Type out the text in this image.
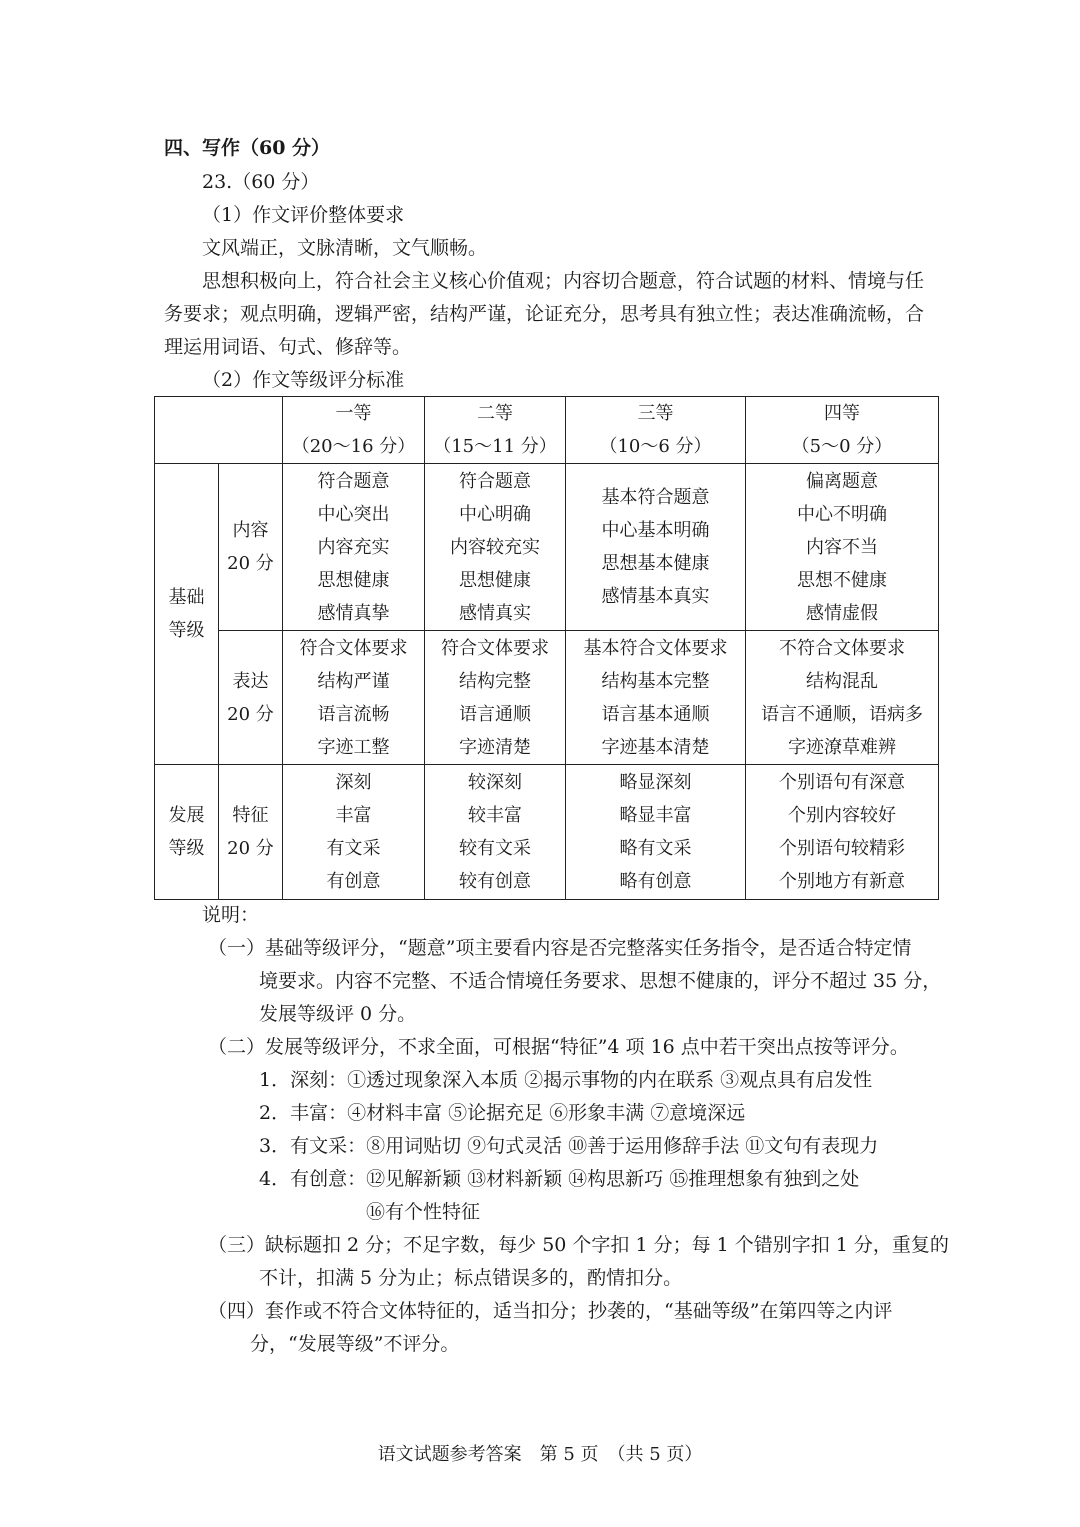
四、写作（60 分）
23.（60 分）
（1）作文评价整体要求
文风端正，文脉清晰，文气顺畅。
思想积极向上，符合社会主义核心价值观；内容切合题意，符合试题的材料、情境与任
务要求；观点明确，逻辑严密，结构严谨，论证充分，思考具有独立性；表达准确流畅，合
理运用词语、句式、修辞等。
（2）作文等级评分标准

		一等
（20～16 分）	二等
（15～11 分）	三等
（10～6 分）	四等
（5～0 分）

基础
等级	内容
20 分	符合题意
中心突出
内容充实
思想健康
感情真挚	符合题意
中心明确
内容较充实
思想健康
感情真实	基本符合题意
中心基本明确
思想基本健康
感情基本真实	偏离题意
中心不明确
内容不当
思想不健康
感情虚假

	表达
20 分	符合文体要求
结构严谨
语言流畅
字迹工整	符合文体要求
结构完整
语言通顺
字迹清楚	基本符合文体要求
结构基本完整
语言基本通顺
字迹基本清楚	不符合文体要求
结构混乱
语言不通顺，语病多
字迹潦草难辨

发展
等级	特征
20 分	深刻
丰富
有文采
有创意	较深刻
较丰富
较有文采
较有创意	略显深刻
略显丰富
略有文采
略有创意	个别语句有深意
个别内容较好
个别语句较精彩
个别地方有新意
说明：
（一）基础等级评分，“题意”项主要看内容是否完整落实任务指令，是否适合特定情
境要求。内容不完整、不适合情境任务要求、思想不健康的，评分不超过 35 分，
发展等级评 0 分。
（二）发展等级评分，不求全面，可根据“特征”4 项 16 点中若干突出点按等评分。
1．深刻：①透过现象深入本质 ②揭示事物的内在联系 ③观点具有启发性
2．丰富：④材料丰富 ⑤论据充足 ⑥形象丰满 ⑦意境深远
3．有文采：⑧用词贴切 ⑨句式灵活 ⑩善于运用修辞手法 ⑪文句有表现力
4．有创意：⑫见解新颖 ⑬材料新颖 ⑭构思新巧 ⑮推理想象有独到之处
⑯有个性特征
（三）缺标题扣 2 分；不足字数，每少 50 个字扣 1 分；每 1 个错别字扣 1 分，重复的
不计，扣满 5 分为止；标点错误多的，酌情扣分。
（四）套作或不符合文体特征的，适当扣分；抄袭的，“基础等级”在第四等之内评
分，“发展等级”不评分。
语文试题参考答案　第 5 页　（共 5 页）
